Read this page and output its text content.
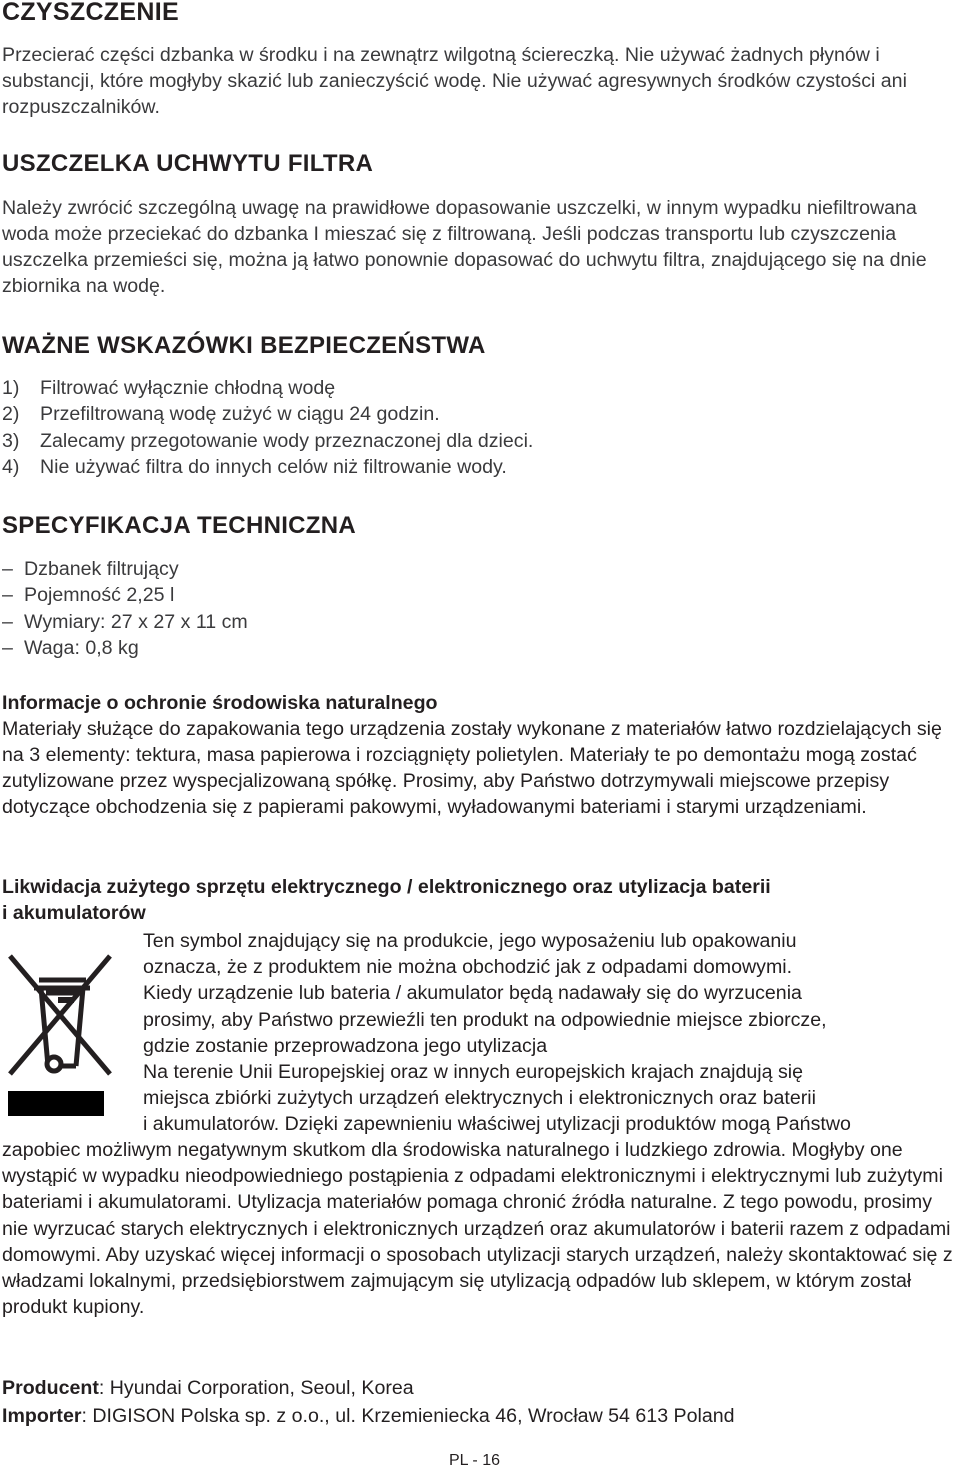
CZYSZCZENIE

Przecierać części dzbanka w środku i na zewnątrz wilgotną ściereczką. Nie używać żadnych płynów i substancji, które mogłyby skazić lub zanieczyścić wodę. Nie używać agresywnych środków czystości ani rozpuszczalników.

USZCZELKA UCHWYTU FILTRA

Należy zwrócić szczególną uwagę na prawidłowe dopasowanie uszczelki, w innym wypadku niefiltrowana woda może przeciekać do dzbanka I mieszać się z filtrowaną. Jeśli podczas transportu lub czyszczenia uszczelka przemieści się, można ją łatwo ponownie dopasować do uchwytu filtra, znajdującego się na dnie zbiornika na wodę.

WAŻNE WSKAZÓWKI BEZPIECZEŃSTWA
1) Filtrować wyłącznie chłodną wodę
2) Przefiltrowaną wodę zużyć w ciągu 24 godzin.
3) Zalecamy przegotowanie wody przeznaczonej dla dzieci.
4) Nie używać filtra do innych celów niż filtrowanie wody.
SPECYFIKACJA TECHNICZNA
– Dzbanek filtrujący
– Pojemność 2,25 l
– Wymiary: 27 x 27 x 11 cm
– Waga: 0,8 kg
Informacje o ochronie środowiska naturalnego

Materiały służące do zapakowania tego urządzenia zostały wykonane z materiałów łatwo rozdzielających się na 3 elementy: tektura, masa papierowa i rozciągnięty polietylen. Materiały te po demontażu mogą zostać zutylizowane przez wyspecjalizowaną spółkę. Prosimy, aby Państwo dotrzymywali miejscowe przepisy dotyczące obchodzenia się z papierami pakowymi, wyładowanymi bateriami i starymi urządzeniami.

Likwidacja zużytego sprzętu elektrycznego / elektronicznego oraz utylizacja baterii
i akumulatorów
Ten symbol znajdujący się na produkcie, jego wyposażeniu lub opakowaniu
oznacza, że z produktem nie można obchodzić jak z odpadami domowymi.
Kiedy urządzenie lub bateria / akumulator będą nadawały się do wyrzucenia
prosimy, aby Państwo przewieźli ten produkt na odpowiednie miejsce zbiorcze,
gdzie zostanie przeprowadzona jego utylizacja
Na terenie Unii Europejskiej oraz w innych europejskich krajach znajdują się
miejsca zbiórki zużytych urządzeń elektrycznych i elektronicznych oraz baterii
i akumulatorów. Dzięki zapewnieniu właściwej utylizacji produktów mogą Państwo

zapobiec możliwym negatywnym skutkom dla środowiska naturalnego i ludzkiego zdrowia. Mogłyby one wystąpić w wypadku nieodpowiedniego postąpienia z odpadami elektronicznymi i elektrycznymi lub zużytymi bateriami i akumulatorami. Utylizacja materiałów pomaga chronić źródła naturalne. Z tego powodu, prosimy nie wyrzucać starych elektrycznych i elektronicznych urządzeń oraz akumulatorów i baterii razem z odpadami domowymi. Aby uzyskać więcej informacji o sposobach utylizacji starych urządzeń, należy skontaktować się z władzami lokalnymi, przedsiębiorstwem zajmującym się utylizacją odpadów lub sklepem, w którym został produkt kupiony.

Producent: Hyundai Corporation, Seoul, Korea

Importer: DIGISON Polska sp. z o.o., ul. Krzemieniecka 46, Wrocław 54 613 Poland

PL - 16
